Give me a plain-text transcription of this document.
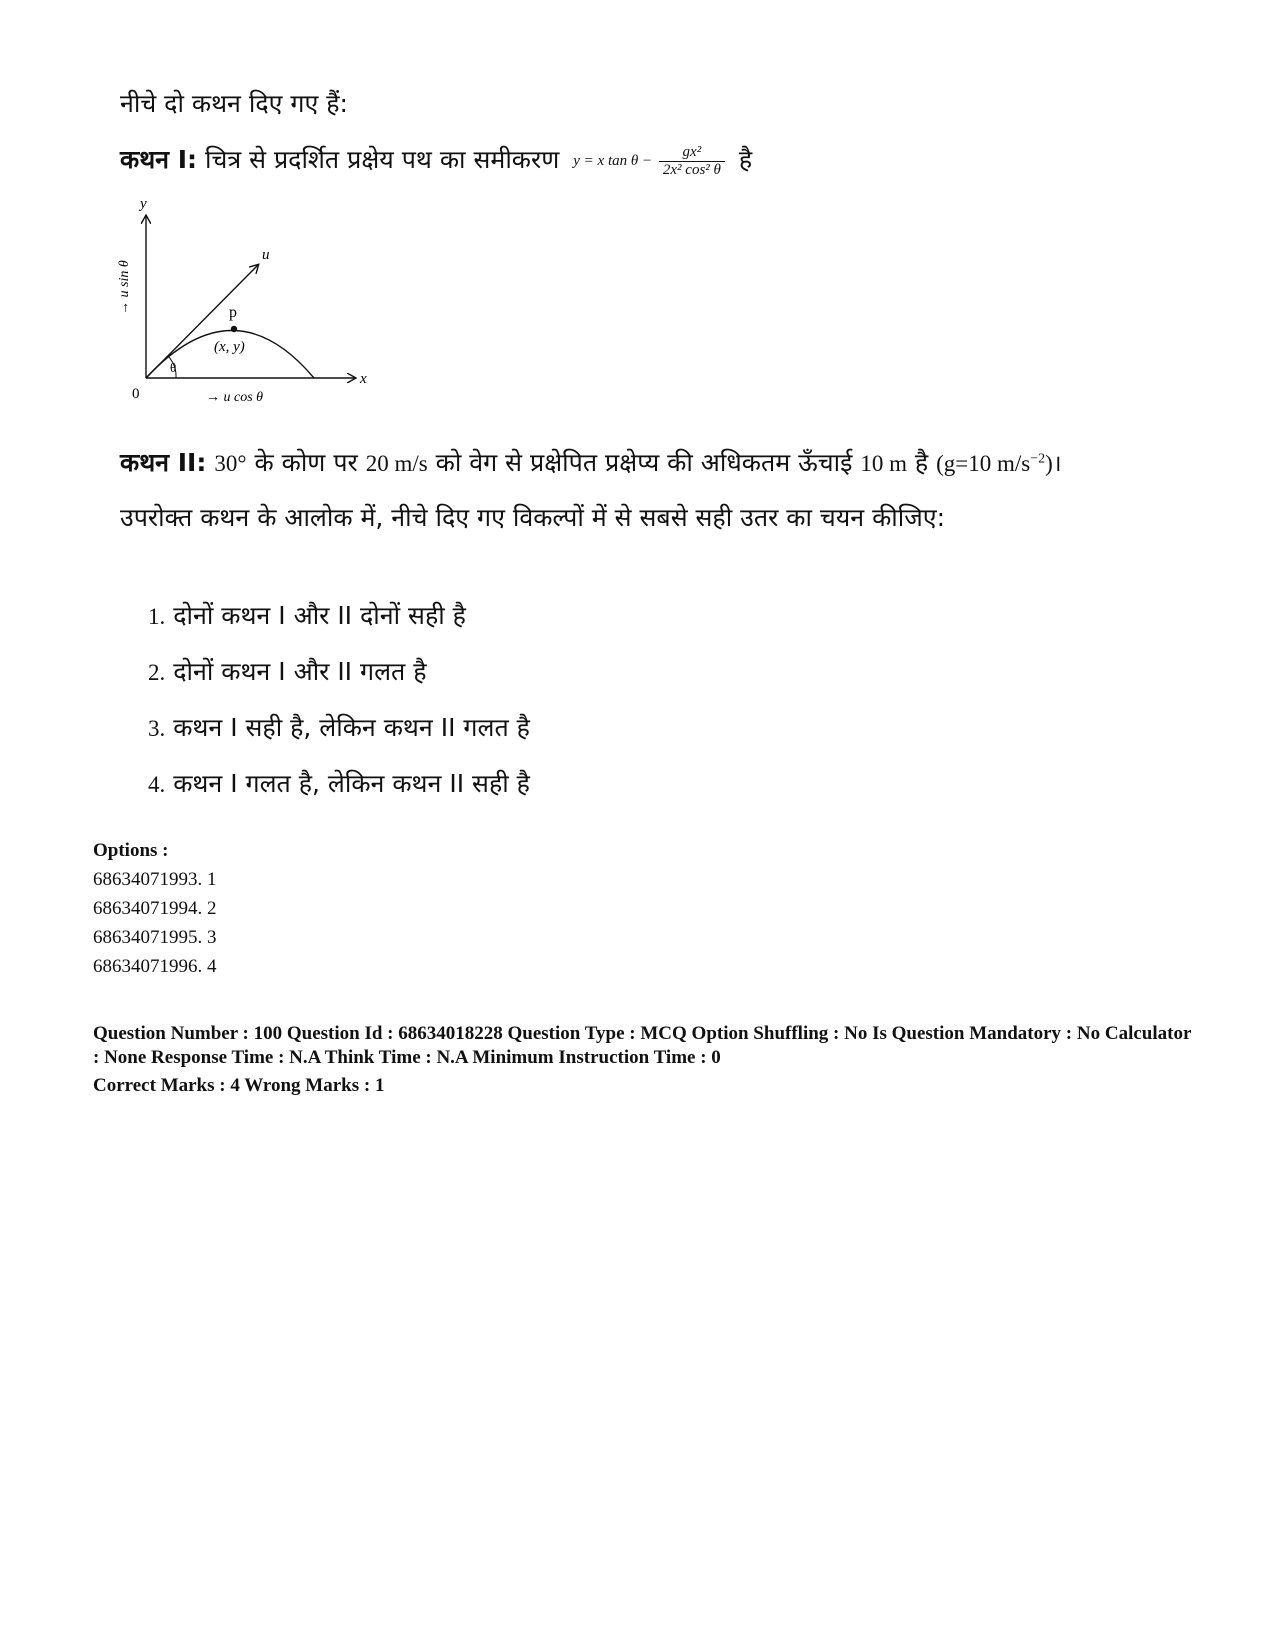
नीचे दो कथन दिए गए हैं:
कथन I: चित्र से प्रदर्शित प्रक्षेय पथ का समीकरण y = x $\tan \theta - \frac{\text{gx²}}{\text{2x² cos² θ}}$ है
y
x
0
u
θ
p
(x, y)
→ u cos θ
→ u sin θ
कथन II: 30° के कोण पर 20 m/s को वेग से प्रक्षेपित प्रक्षेप्य की अधिकतम ऊँचाई 10 m है (g=10 $m/s^{-2})।$
उपरोक्त कथन के आलोक में, नीचे दिए गए विकल्पों में से सबसे सही उतर का चयन कीजिए:
1. दोनों कथन I और II दोनों सही है
2. दोनों कथन I और II गलत है
3. कथन I सही है, लेकिन कथन II गलत है
4. कथन I गलत है, लेकिन कथन II सही है
Options :
68634071993. 1
68634071994. 2
68634071995. 3
68634071996. 4
Question Number : 100 Question Id : 68634018228 Question Type : MCQ Option Shuffling : No Is Question Mandatory : No Calculator : None Response Time : N.A Think Time : N.A Minimum Instruction Time : 0
Correct Marks : 4 Wrong Marks : 1
